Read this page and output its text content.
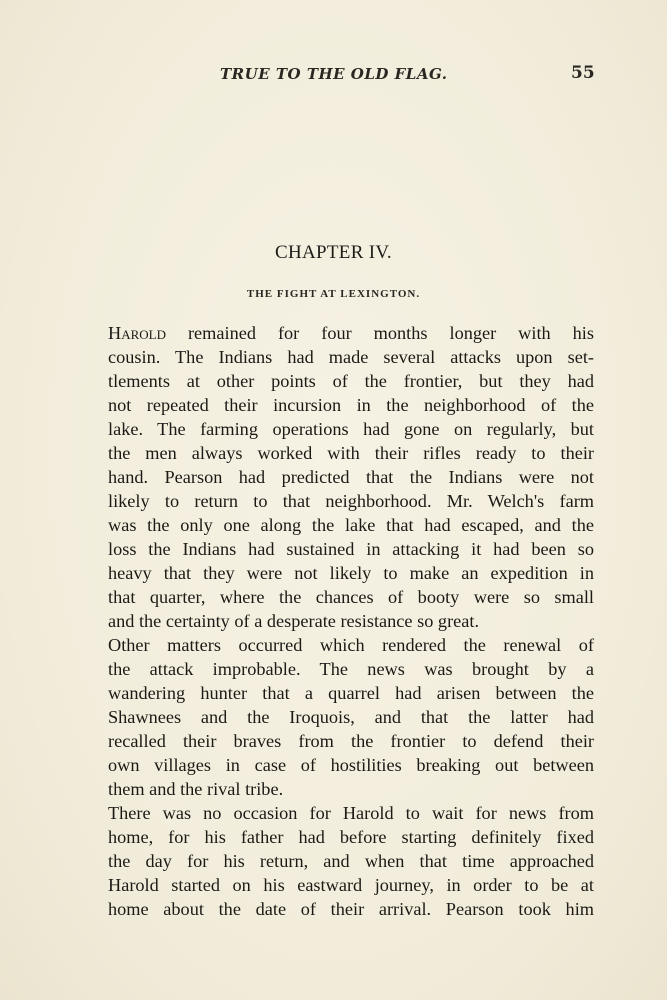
TRUE TO THE OLD FLAG.	55
CHAPTER IV.
THE FIGHT AT LEXINGTON.
Harold remained for four months longer with his
cousin. The Indians had made several attacks upon set-
tlements at other points of the frontier, but they had
not repeated their incursion in the neighborhood of the
lake. The farming operations had gone on regularly, but
the men always worked with their rifles ready to their
hand. Pearson had predicted that the Indians were not
likely to return to that neighborhood. Mr. Welch's farm
was the only one along the lake that had escaped, and the
loss the Indians had sustained in attacking it had been so
heavy that they were not likely to make an expedition in
that quarter, where the chances of booty were so small
and the certainty of a desperate resistance so great.
Other matters occurred which rendered the renewal of
the attack improbable. The news was brought by a
wandering hunter that a quarrel had arisen between the
Shawnees and the Iroquois, and that the latter had
recalled their braves from the frontier to defend their
own villages in case of hostilities breaking out between
them and the rival tribe.
There was no occasion for Harold to wait for news from
home, for his father had before starting definitely fixed
the day for his return, and when that time approached
Harold started on his eastward journey, in order to be at
home about the date of their arrival. Pearson took him
